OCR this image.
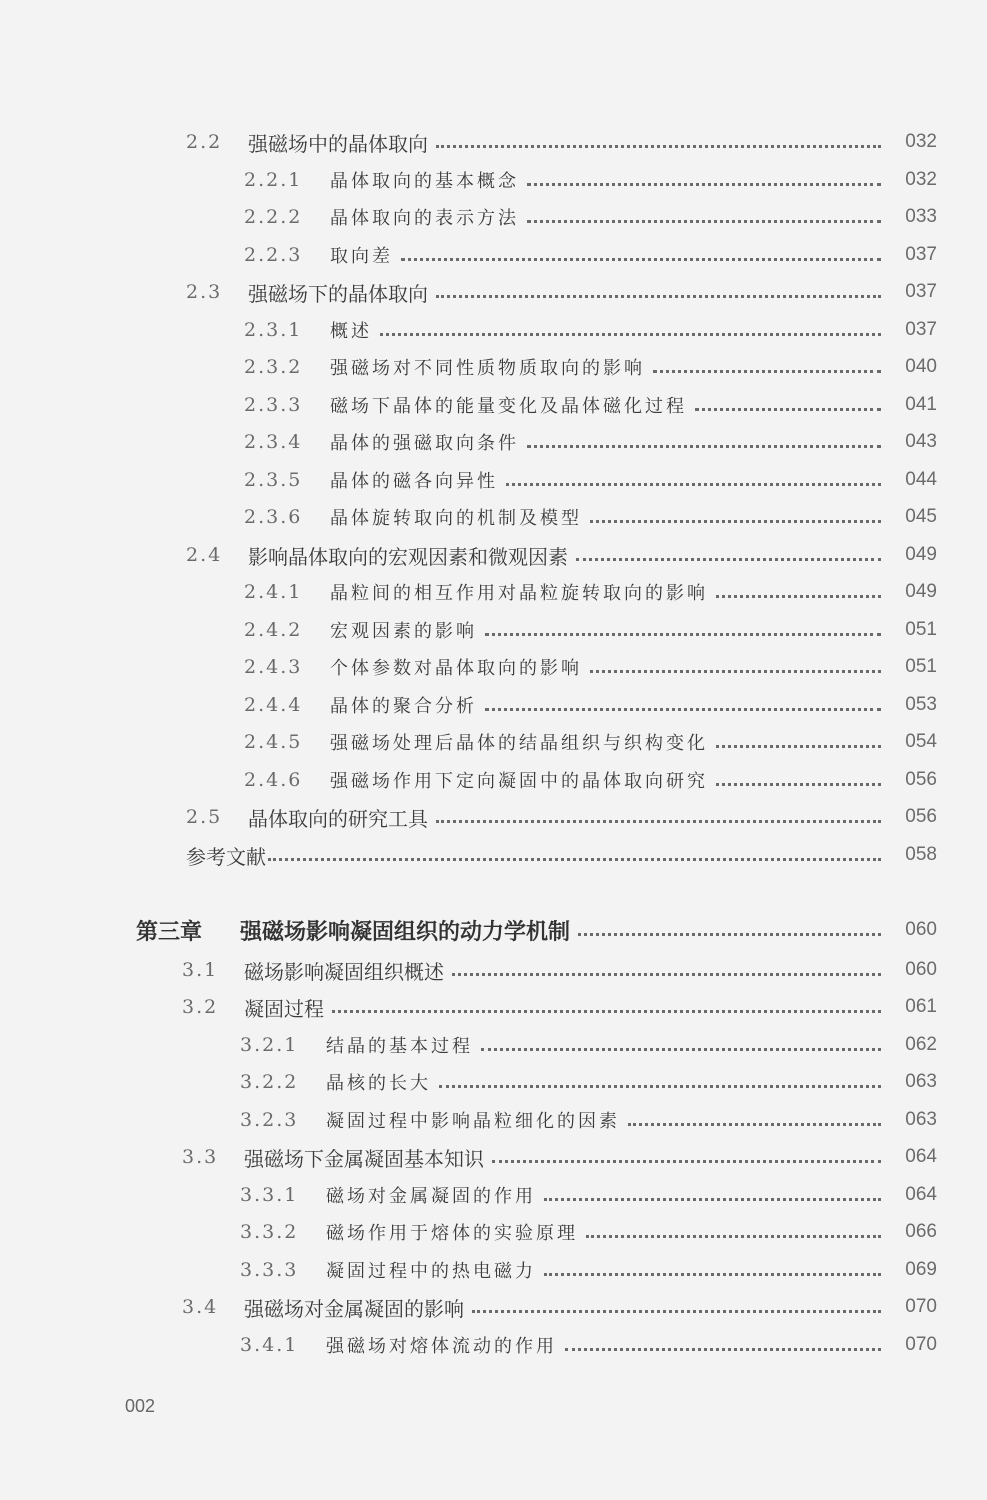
2.2	强磁场中的晶体取向	032
2.2.1	晶体取向的基本概念	032
2.2.2	晶体取向的表示方法	033
2.2.3	取向差	037
2.3	强磁场下的晶体取向	037
2.3.1	概述	037
2.3.2	强磁场对不同性质物质取向的影响	040
2.3.3	磁场下晶体的能量变化及晶体磁化过程	041
2.3.4	晶体的强磁取向条件	043
2.3.5	晶体的磁各向异性	044
2.3.6	晶体旋转取向的机制及模型	045
2.4	影响晶体取向的宏观因素和微观因素	049
2.4.1	晶粒间的相互作用对晶粒旋转取向的影响	049
2.4.2	宏观因素的影响	051
2.4.3	个体参数对晶体取向的影响	051
2.4.4	晶体的聚合分析	053
2.4.5	强磁场处理后晶体的结晶组织与织构变化	054
2.4.6	强磁场作用下定向凝固中的晶体取向研究	056
2.5	晶体取向的研究工具	056
参考文献	058
第三章	强磁场影响凝固组织的动力学机制	060
3.1	磁场影响凝固组织概述	060
3.2	凝固过程	061
3.2.1	结晶的基本过程	062
3.2.2	晶核的长大	063
3.2.3	凝固过程中影响晶粒细化的因素	063
3.3	强磁场下金属凝固基本知识	064
3.3.1	磁场对金属凝固的作用	064
3.3.2	磁场作用于熔体的实验原理	066
3.3.3	凝固过程中的热电磁力	069
3.4	强磁场对金属凝固的影响	070
3.4.1	强磁场对熔体流动的作用	070
002
